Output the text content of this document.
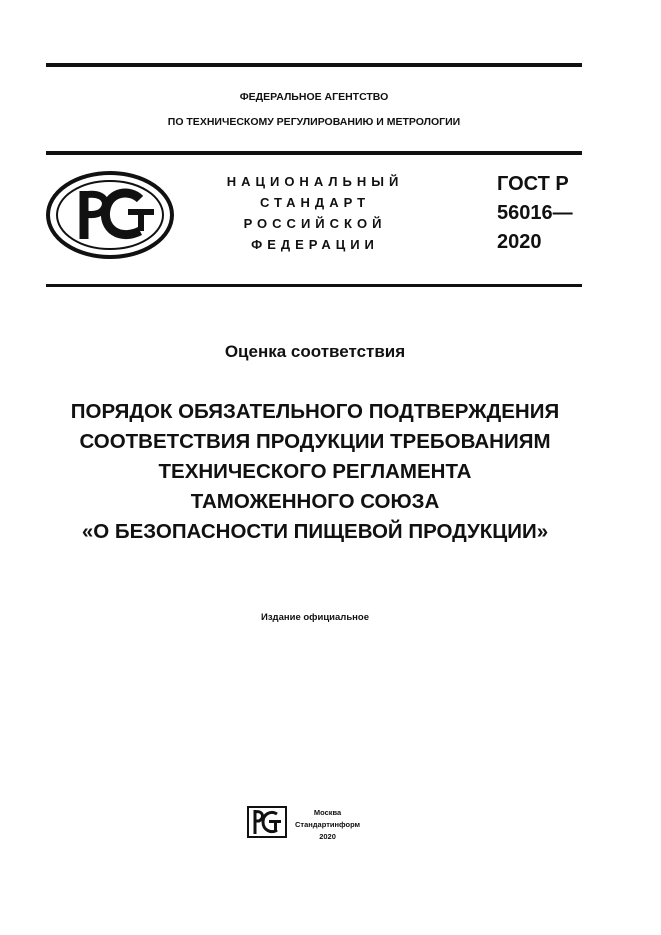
ФЕДЕРАЛЬНОЕ АГЕНТСТВО
ПО ТЕХНИЧЕСКОМУ РЕГУЛИРОВАНИЮ И МЕТРОЛОГИИ
НАЦИОНАЛЬНЫЙ
СТАНДАРТ
РОССИЙСКОЙ
ФЕДЕРАЦИИ
ГОСТ Р
56016—
2020
Оценка соответствия
ПОРЯДОК ОБЯЗАТЕЛЬНОГО ПОДТВЕРЖДЕНИЯ
СООТВЕТСТВИЯ ПРОДУКЦИИ ТРЕБОВАНИЯМ
ТЕХНИЧЕСКОГО РЕГЛАМЕНТА
ТАМОЖЕННОГО СОЮЗА
«О БЕЗОПАСНОСТИ ПИЩЕВОЙ ПРОДУКЦИИ»
Издание официальное
Москва
Стандартинформ
2020
